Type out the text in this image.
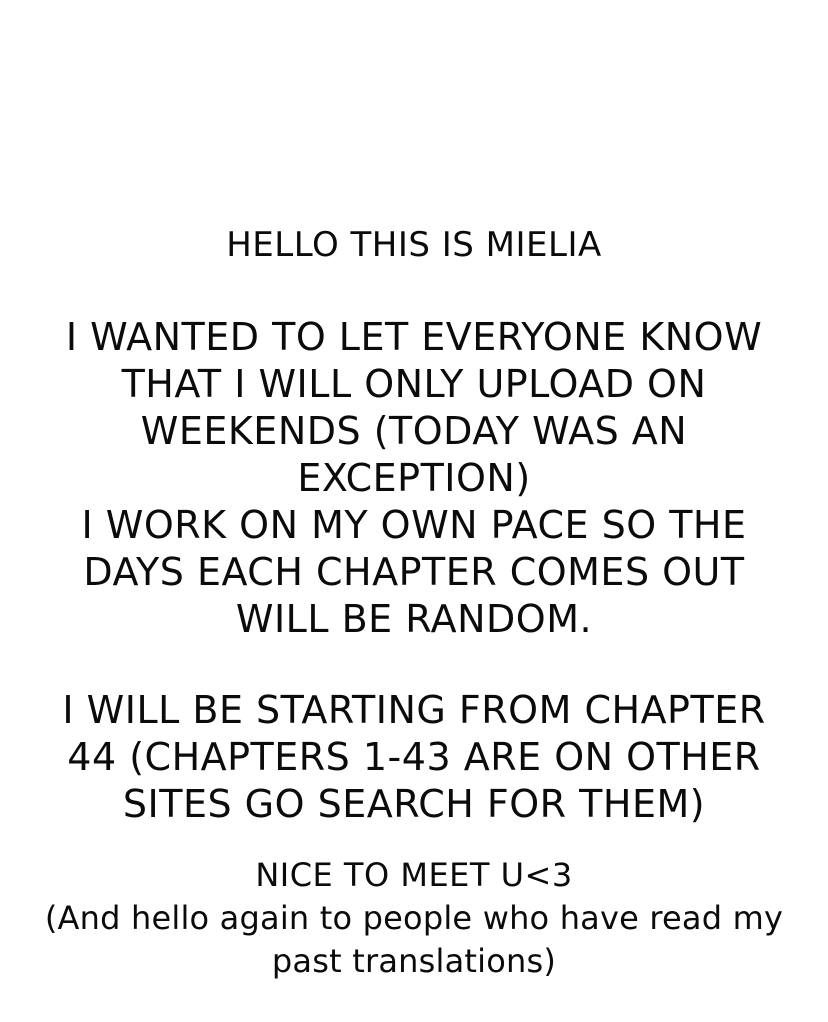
HELLO THIS IS MIELIA
I WANTED TO LET EVERYONE KNOW
THAT I WILL ONLY UPLOAD ON
WEEKENDS (TODAY WAS AN
EXCEPTION)
I WORK ON MY OWN PACE SO THE
DAYS EACH CHAPTER COMES OUT
WILL BE RANDOM.
I WILL BE STARTING FROM CHAPTER
44 (CHAPTERS 1-43 ARE ON OTHER
SITES GO SEARCH FOR THEM)
NICE TO MEET U<3
(And hello again to people who have read my
past translations)
